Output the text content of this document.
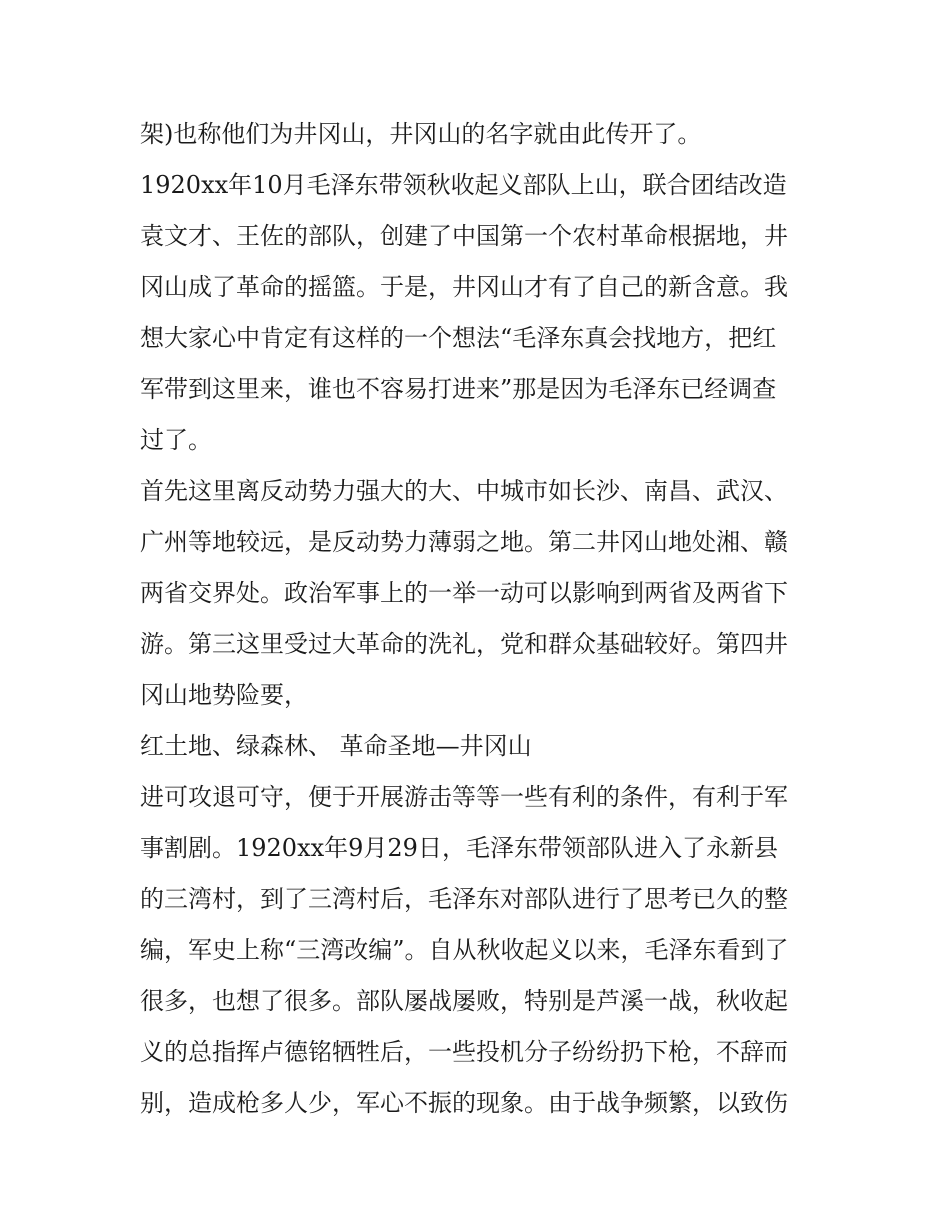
架)也称他们为井冈山，井冈山的名字就由此传开了。
1920xx年10月毛泽东带领秋收起义部队上山，联合团结改造
袁文才、王佐的部队，创建了中国第一个农村革命根据地，井
冈山成了革命的摇篮。于是，井冈山才有了自己的新含意。我
想大家心中肯定有这样的一个想法“毛泽东真会找地方，把红
军带到这里来，谁也不容易打进来”那是因为毛泽东已经调查
过了。
首先这里离反动势力强大的大、中城市如长沙、南昌、武汉、
广州等地较远，是反动势力薄弱之地。第二井冈山地处湘、赣
两省交界处。政治军事上的一举一动可以影响到两省及两省下
游。第三这里受过大革命的洗礼，党和群众基础较好。第四井
冈山地势险要，
红土地、绿森林、 革命圣地—井冈山
进可攻退可守，便于开展游击等等一些有利的条件，有利于军
事割剧。1920xx年9月29日，毛泽东带领部队进入了永新县
的三湾村，到了三湾村后，毛泽东对部队进行了思考已久的整
编，军史上称“三湾改编”。自从秋收起义以来，毛泽东看到了
很多，也想了很多。部队屡战屡败，特别是芦溪一战，秋收起
义的总指挥卢德铭牺牲后，一些投机分子纷纷扔下枪，不辞而
别，造成枪多人少，军心不振的现象。由于战争频繁，以致伤
